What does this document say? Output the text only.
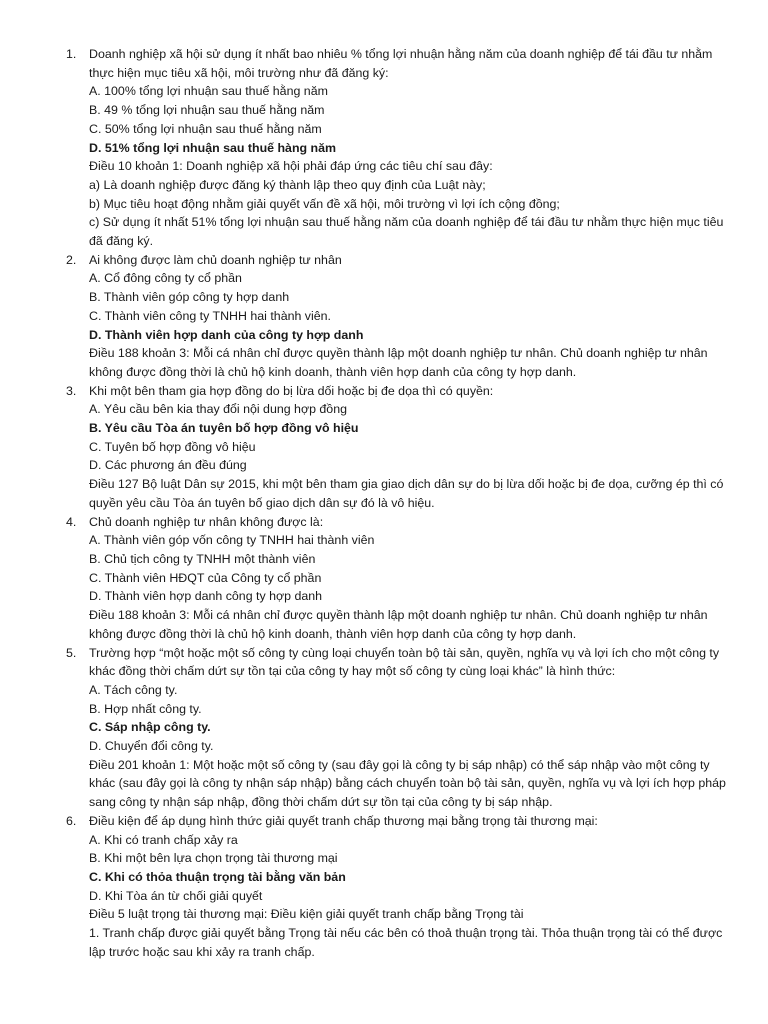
1.	Doanh nghiệp xã hội sử dụng ít nhất bao nhiêu % tổng lợi nhuận hằng năm của doanh nghiệp để tái đầu tư nhằm thực hiện mục tiêu xã hội, môi trường như đã đăng ký:
A. 100% tổng lợi nhuận sau thuế hằng năm
B. 49 % tổng lợi nhuận sau thuế hằng năm
C. 50% tổng lợi nhuận sau thuế hằng năm
D. 51% tổng lợi nhuận sau thuế hàng năm
Điều 10 khoản 1: Doanh nghiệp xã hội phải đáp ứng các tiêu chí sau đây:
a) Là doanh nghiệp được đăng ký thành lập theo quy định của Luật này;
b) Mục tiêu hoạt động nhằm giải quyết vấn đề xã hội, môi trường vì lợi ích cộng đồng;
c) Sử dụng ít nhất 51% tổng lợi nhuận sau thuế hằng năm của doanh nghiệp để tái đầu tư nhằm thực hiện mục tiêu đã đăng ký.
2.	Ai không được làm chủ doanh nghiệp tư nhân
A. Cổ đông công ty cổ phần
B. Thành viên góp công ty hợp danh
C. Thành viên công ty TNHH hai thành viên.
D. Thành viên hợp danh của công ty hợp danh
Điều 188 khoản 3: Mỗi cá nhân chỉ được quyền thành lập một doanh nghiệp tư nhân. Chủ doanh nghiệp tư nhân không được đồng thời là chủ hộ kinh doanh, thành viên hợp danh của công ty hợp danh.
3.	Khi một bên tham gia hợp đồng do bị lừa dối hoặc bị đe dọa thì có quyền:
A. Yêu cầu bên kia thay đổi nội dung hợp đồng
B. Yêu cầu Tòa án tuyên bố hợp đồng vô hiệu
C. Tuyên bố hợp đồng vô hiệu
D. Các phương án đều đúng
Điều 127 Bộ luật Dân sự 2015, khi một bên tham gia giao dịch dân sự do bị lừa dối hoặc bị đe dọa, cưỡng ép thì có quyền yêu cầu Tòa án tuyên bố giao dịch dân sự đó là vô hiệu.
4.	Chủ doanh nghiệp tư nhân không được là:
A. Thành viên góp vốn công ty TNHH hai thành viên
B. Chủ tịch công ty TNHH một thành viên
C. Thành viên HĐQT của Công ty cổ phần
D. Thành viên hợp danh công ty hợp danh
Điều 188 khoản 3: Mỗi cá nhân chỉ được quyền thành lập một doanh nghiệp tư nhân. Chủ doanh nghiệp tư nhân không được đồng thời là chủ hộ kinh doanh, thành viên hợp danh của công ty hợp danh.
5.	Trường hợp “một hoặc một số công ty cùng loại chuyển toàn bộ tài sản, quyền, nghĩa vụ và lợi ích cho một công ty khác đồng thời chấm dứt sự tồn tại của công ty hay một số công ty cùng loại khác” là hình thức:
A. Tách công ty.
B. Hợp nhất công ty.
C. Sáp nhập công ty.
D. Chuyển đổi công ty.
Điều 201 khoản 1: Một hoặc một số công ty (sau đây gọi là công ty bị sáp nhập) có thể sáp nhập vào một công ty khác (sau đây gọi là công ty nhận sáp nhập) bằng cách chuyển toàn bộ tài sản, quyền, nghĩa vụ và lợi ích hợp pháp sang công ty nhận sáp nhập, đồng thời chấm dứt sự tồn tại của công ty bị sáp nhập.
6.	Điều kiện để áp dụng hình thức giải quyết tranh chấp thương mại bằng trọng tài thương mại:
A. Khi có tranh chấp xảy ra
B. Khi một bên lựa chọn trọng tài thương mại
C. Khi có thỏa thuận trọng tài bằng văn bản
D. Khi Tòa án từ chối giải quyết
Điều 5 luật trọng tài thương mại: Điều kiện giải quyết tranh chấp bằng Trọng tài
1. Tranh chấp được giải quyết bằng Trọng tài nếu các bên có thoả thuận trọng tài. Thỏa thuận trọng tài có thể được lập trước hoặc sau khi xảy ra tranh chấp.
